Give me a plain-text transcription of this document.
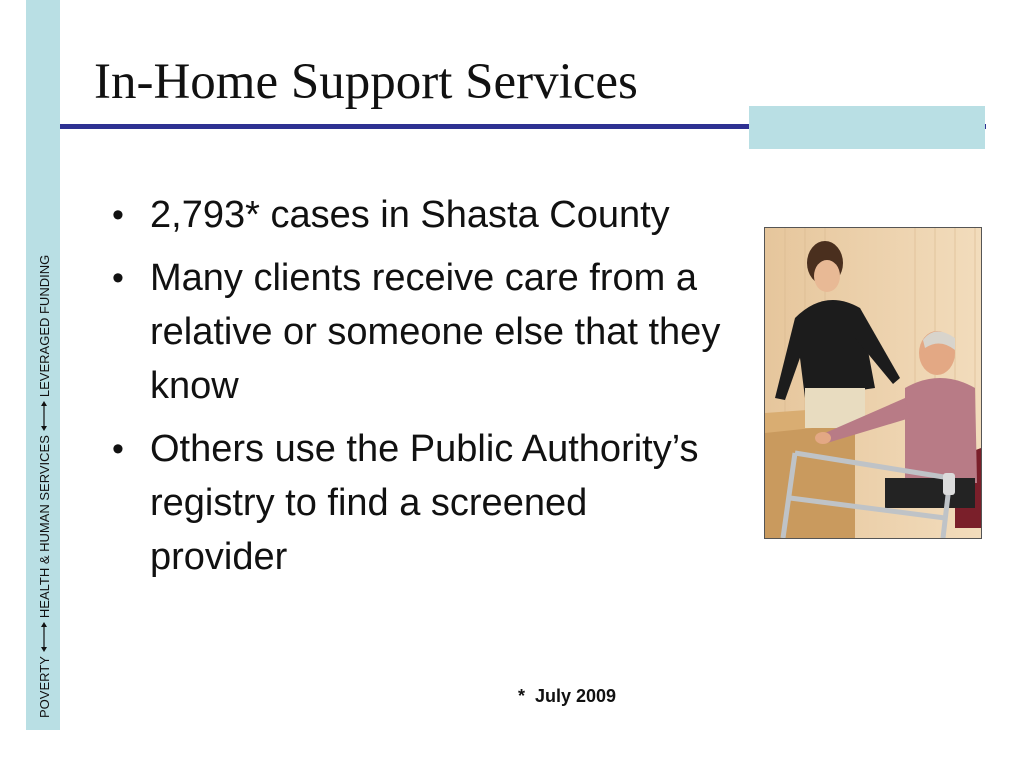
POVERTY
HEALTH & HUMAN SERVICES
LEVERAGED FUNDING
In-Home Support Services
• 2,793* cases in Shasta County
• Many clients receive care from a relative or someone else that they know
• Others use the Public Authority’s registry to find a screened provider
*  July 2009
